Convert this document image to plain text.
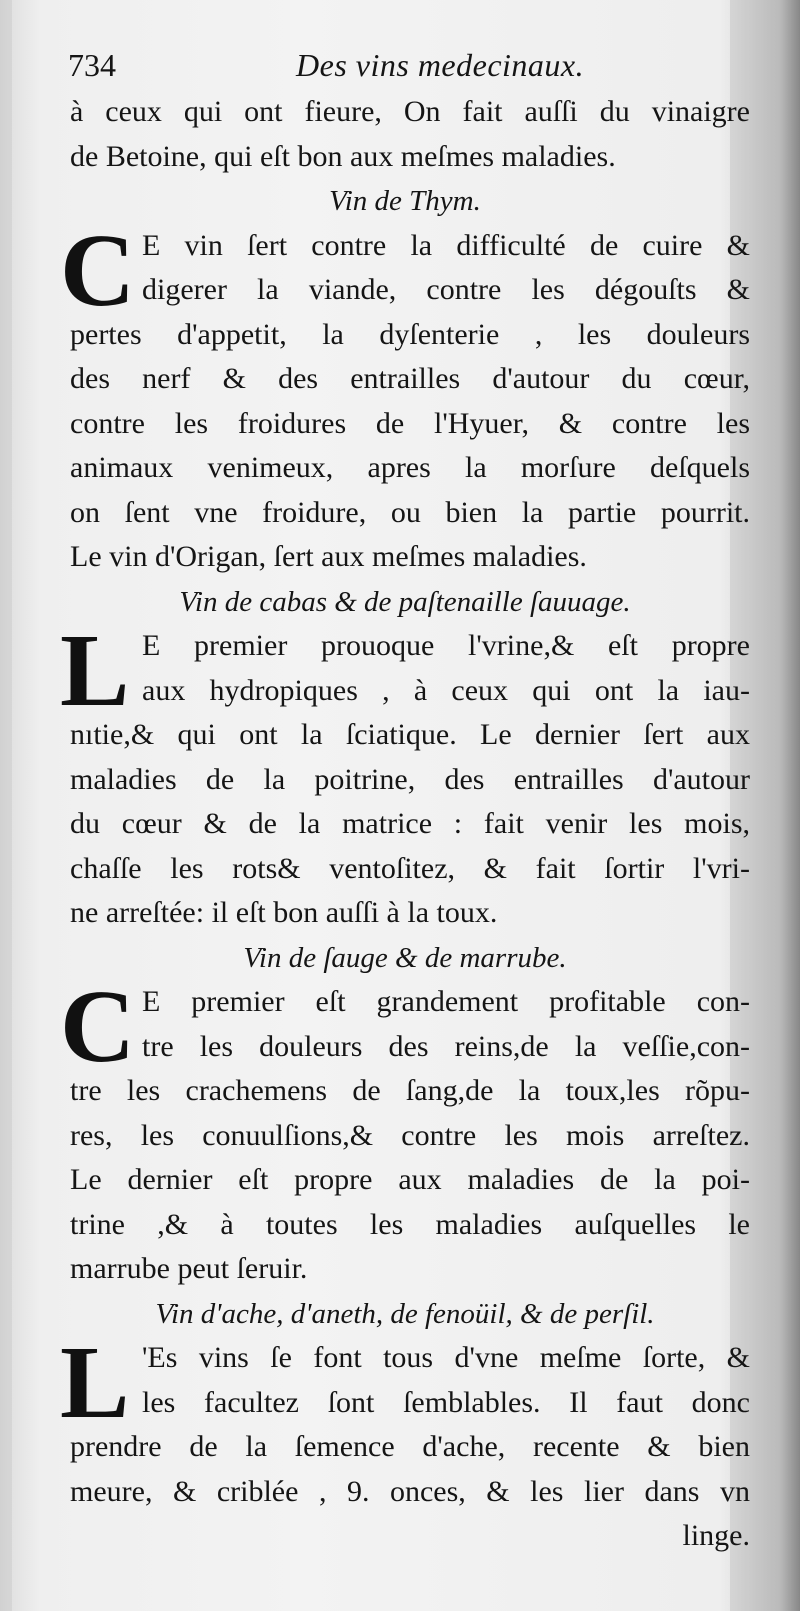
734	Des vins medecinaux.
à ceux qui ont fieure, On fait auſſi du vinaigre
de Betoine, qui eſt bon aux meſmes maladies.
Vin de Thym.
C E vin ſert contre la difficulté de cuire &
digerer la viande, contre les dégouſts &
pertes d'appetit, la dyſenterie , les douleurs
des nerf & des entrailles d'autour du cœur,
contre les froidures de l'Hyuer, & contre les
animaux venimeux, apres la morſure deſquels
on ſent vne froidure, ou bien la partie pourrit.
Le vin d'Origan, ſert aux meſmes maladies.
Vin de cabas & de paſtenaille ſauuage.
L E premier prouoque l'vrine,& eſt propre
aux hydropiques , à ceux qui ont la iau-
nıtie,& qui ont la ſciatique. Le dernier ſert aux
maladies de la poitrine, des entrailles d'autour
du cœur & de la matrice : fait venir les mois,
chaſſe les rots& ventoſitez, & fait ſortir l'vri-
ne arreſtée: il eſt bon auſſi à la toux.
Vin de ſauge & de marrube.
C E premier eſt grandement profitable con-
tre les douleurs des reins,de la veſſie,con-
tre les crachemens de ſang,de la toux,les rõpu-
res, les conuulſions,& contre les mois arreſtez.
Le dernier eſt propre aux maladies de la poi-
trine ,& à toutes les maladies auſquelles le
marrube peut ſeruir.
Vin d'ache, d'aneth, de fenoüil, & de perſil.
L 'Es vins ſe font tous d'vne meſme ſorte, &
les facultez ſont ſemblables. Il faut donc
prendre de la ſemence d'ache, recente & bien
meure, & criblée , 9. onces, & les lier dans vn
linge.
